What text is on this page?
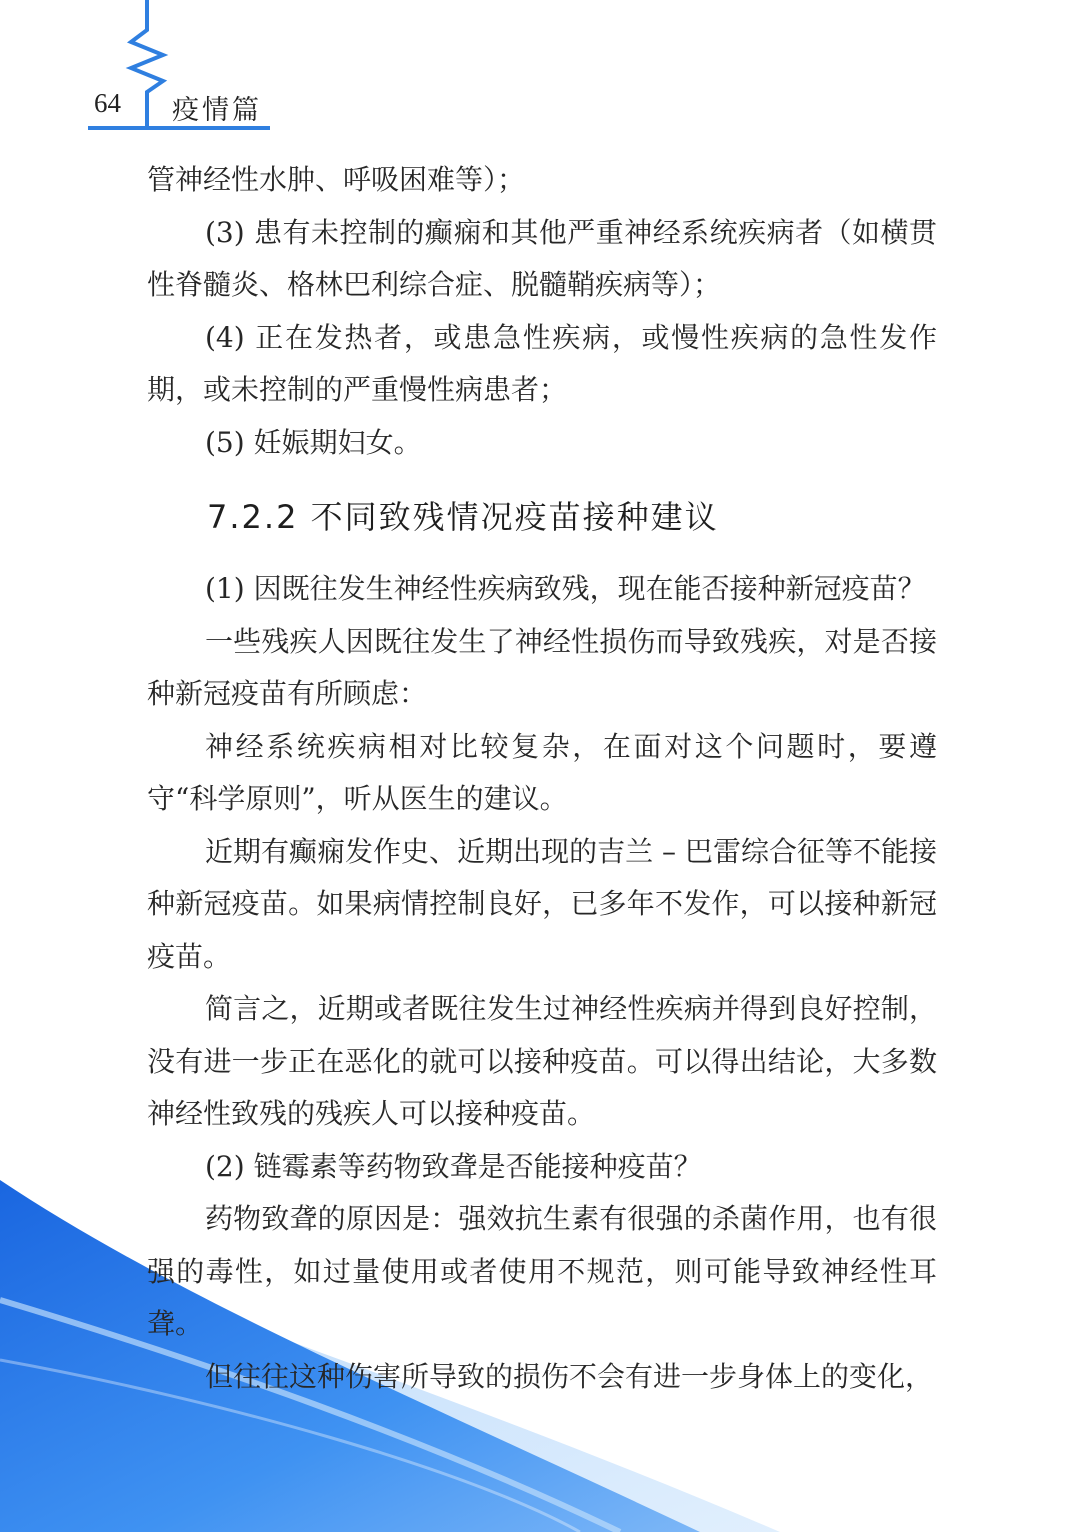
64 疫情篇

管神经性水肿、呼吸困难等）；

(3) 患有未控制的癫痫和其他严重神经系统疾病者（如横贯性脊髓炎、格林巴利综合症、脱髓鞘疾病等）；

(4) 正在发热者，或患急性疾病，或慢性疾病的急性发作期，或未控制的严重慢性病患者；

(5) 妊娠期妇女。

7.2.2 不同致残情况疫苗接种建议

(1) 因既往发生神经性疾病致残，现在能否接种新冠疫苗？

一些残疾人因既往发生了神经性损伤而导致残疾，对是否接种新冠疫苗有所顾虑：

神经系统疾病相对比较复杂，在面对这个问题时，要遵守“科学原则”，听从医生的建议。

近期有癫痫发作史、近期出现的吉兰 – 巴雷综合征等不能接种新冠疫苗。如果病情控制良好，已多年不发作，可以接种新冠疫苗。

简言之，近期或者既往发生过神经性疾病并得到良好控制，没有进一步正在恶化的就可以接种疫苗。可以得出结论，大多数神经性致残的残疾人可以接种疫苗。

(2) 链霉素等药物致聋是否能接种疫苗？

药物致聋的原因是：强效抗生素有很强的杀菌作用，也有很强的毒性，如过量使用或者使用不规范，则可能导致神经性耳聋。

但往往这种伤害所导致的损伤不会有进一步身体上的变化，
